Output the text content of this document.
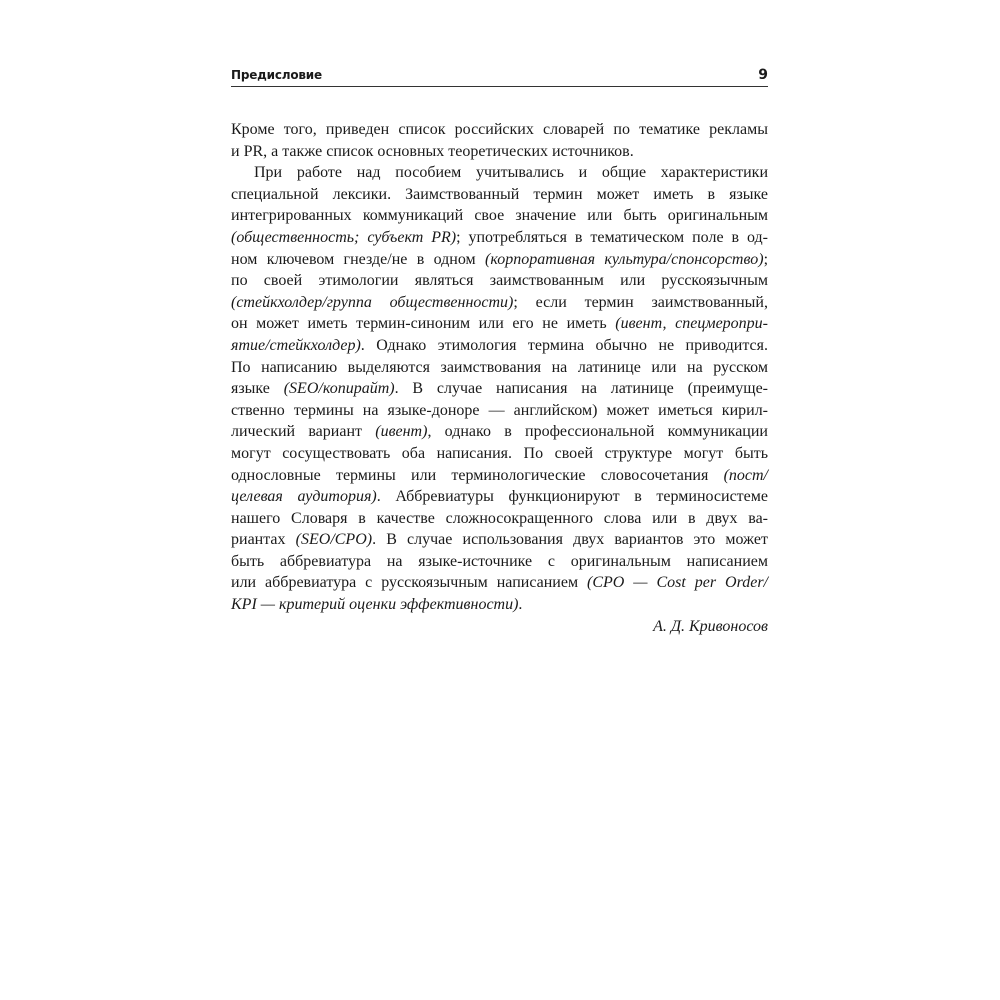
Предисловие	9
Кроме того, приведен список российских словарей по тематике рекламы
и PR, а также список основных теоретических источников.
При работе над пособием учитывались и общие характеристики
специальной лексики. Заимствованный термин может иметь в языке
интегрированных коммуникаций свое значение или быть оригинальным
(общественность; субъект PR); употребляться в тематическом поле в од-
ном ключевом гнезде/не в одном (корпоративная культура/спонсорство);
по своей этимологии являться заимствованным или русскоязычным
(стейкхолдер/группа общественности); если термин заимствованный,
он может иметь термин-синоним или его не иметь (ивент, спецмеропри-
ятие/стейкхолдер). Однако этимология термина обычно не приводится.
По написанию выделяются заимствования на латинице или на русском
языке (SEO/копирайт). В случае написания на латинице (преимуще-
ственно термины на языке-доноре — английском) может иметься кирил-
лический вариант (ивент), однако в профессиональной коммуникации
могут сосуществовать оба написания. По своей структуре могут быть
однословные термины или терминологические словосочетания (пост/
целевая аудитория). Аббревиатуры функционируют в терминосистеме
нашего Словаря в качестве сложносокращенного слова или в двух ва-
риантах (SEO/CPO). В случае использования двух вариантов это может
быть аббревиатура на языке-источнике с оригинальным написанием
или аббревиатура с русскоязычным написанием (CPO — Cost per Order/
KPI — критерий оценки эффективности).
А. Д. Кривоносов
